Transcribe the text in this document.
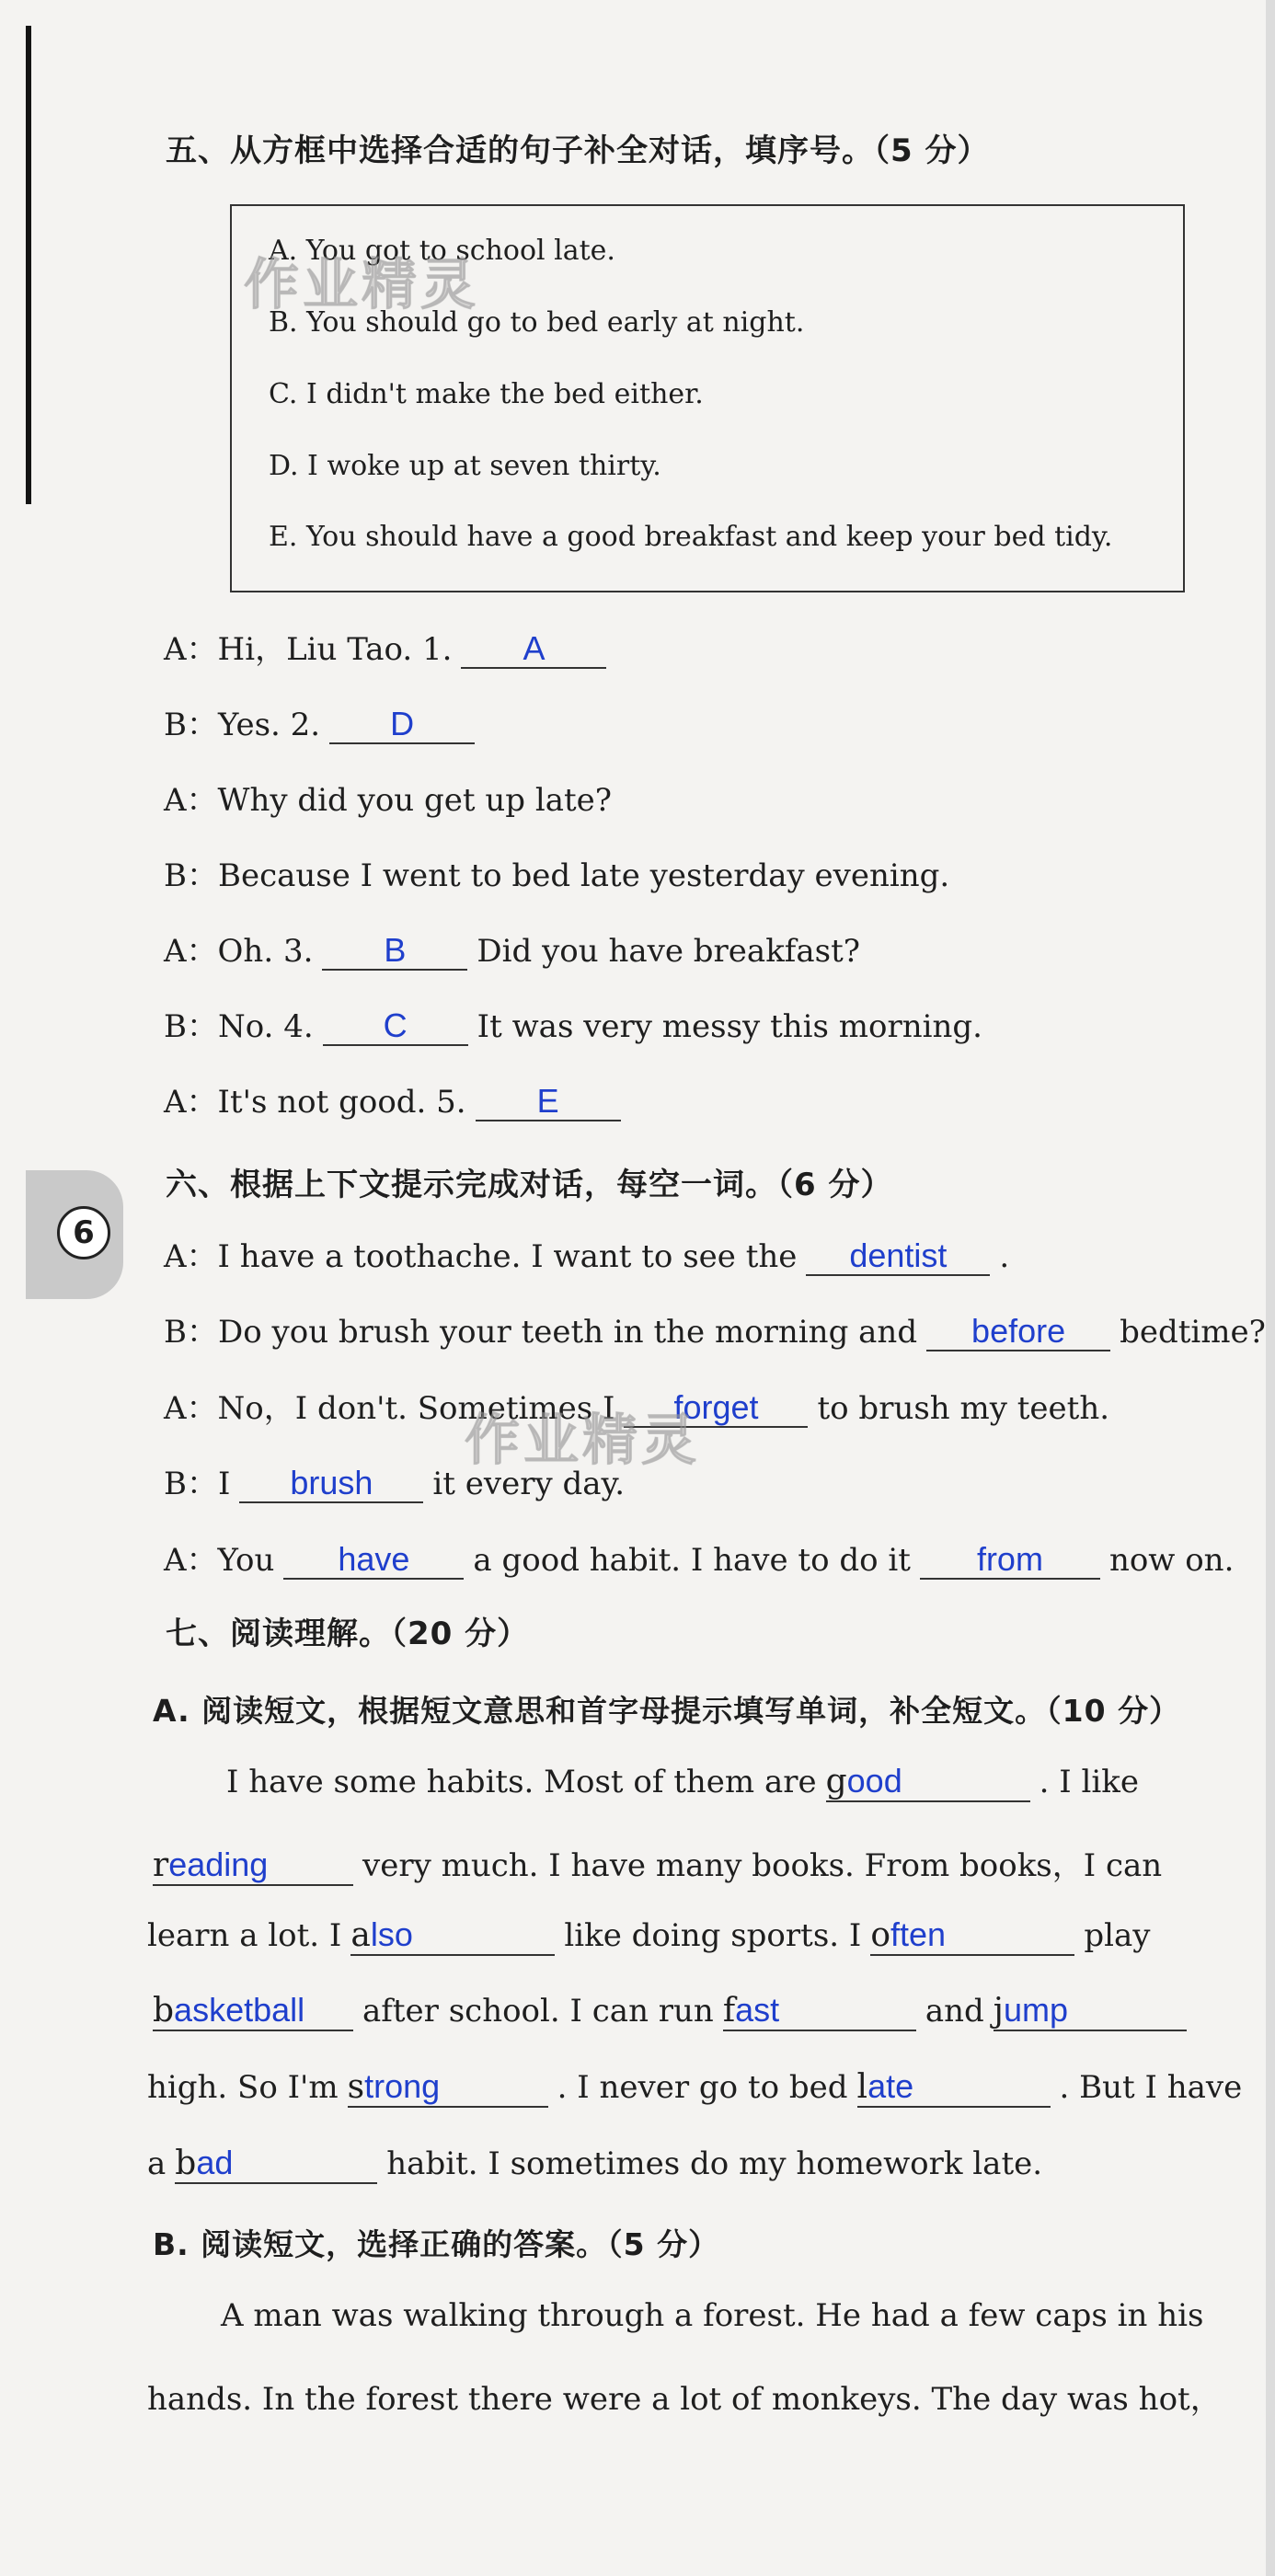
五、从方框中选择合适的句子补全对话，填序号。（5 分）
A. You got to school late.
B. You should go to bed early at night.
C. I didn't make the bed either.
D. I woke up at seven thirty.
E. You should have a good breakfast and keep your bed tidy.
作业精灵
A：Hi，Liu Tao. 1. A
B：Yes. 2. D
A：Why did you get up late?
B：Because I went to bed late yesterday evening.
A：Oh. 3. B Did you have breakfast?
B：No. 4. C It was very messy this morning.
A：It's not good. 5. E
6
六、根据上下文提示完成对话，每空一词。（6 分）
A：I have a toothache. I want to see the dentist .
B：Do you brush your teeth in the morning and before bedtime?
A：No，I don't. Sometimes I forget to brush my teeth.
作业精灵
B：I brush it every day.
A：You have a good habit. I have to do it from now on.
七、阅读理解。（20 分）
A. 阅读短文，根据短文意思和首字母提示填写单词，补全短文。（10 分）
I have some habits. Most of them are good	. I like
reading	very much. I have many books. From books，I can
learn a lot. I also	like doing sports. I often	play
basketball after school. I can run fast	and jump
high. So I'm strong	. I never go to bed late	. But I have
a bad	habit. I sometimes do my homework late.
B. 阅读短文，选择正确的答案。（5 分）
A man was walking through a forest. He had a few caps in his
hands. In the forest there were a lot of monkeys. The day was hot，
